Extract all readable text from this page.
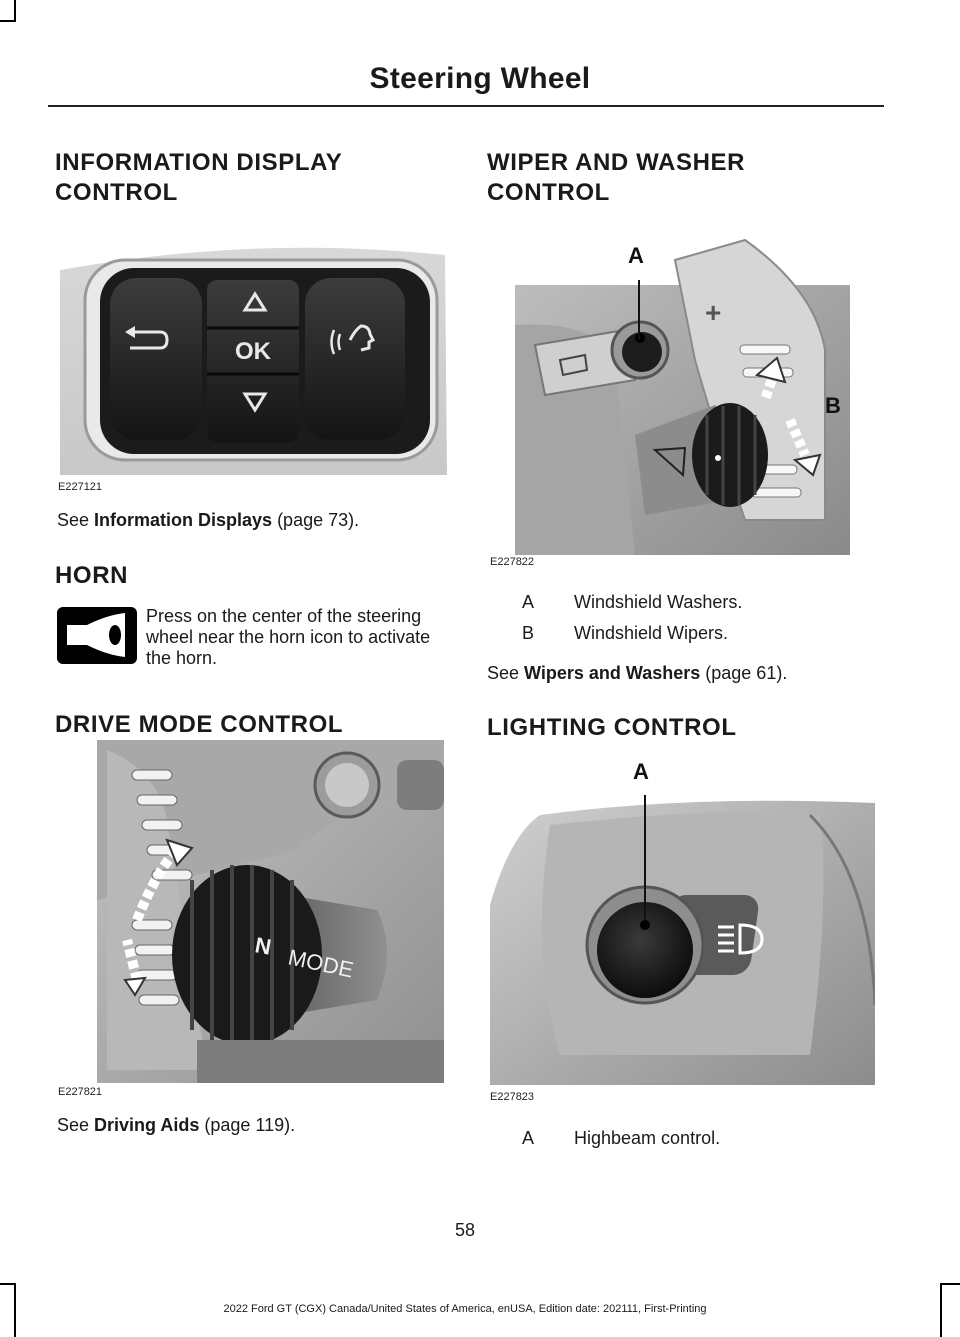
Steering Wheel
INFORMATION DISPLAY
CONTROL
OK
E227121
See Information Displays (page 73).
HORN
Press on the center of the steering wheel near the horn icon to activate the horn.
DRIVE MODE CONTROL
N MODE
E227821
See Driving Aids (page 119).
WIPER AND WASHER
CONTROL
+
A
B
E227822
A	Windshield Washers.
B	Windshield Wipers.
See Wipers and Washers (page 61).
LIGHTING CONTROL
A
E227823
A	Highbeam control.
58
2022 Ford GT (CGX) Canada/United States of America, enUSA, Edition date: 202111, First-Printing
